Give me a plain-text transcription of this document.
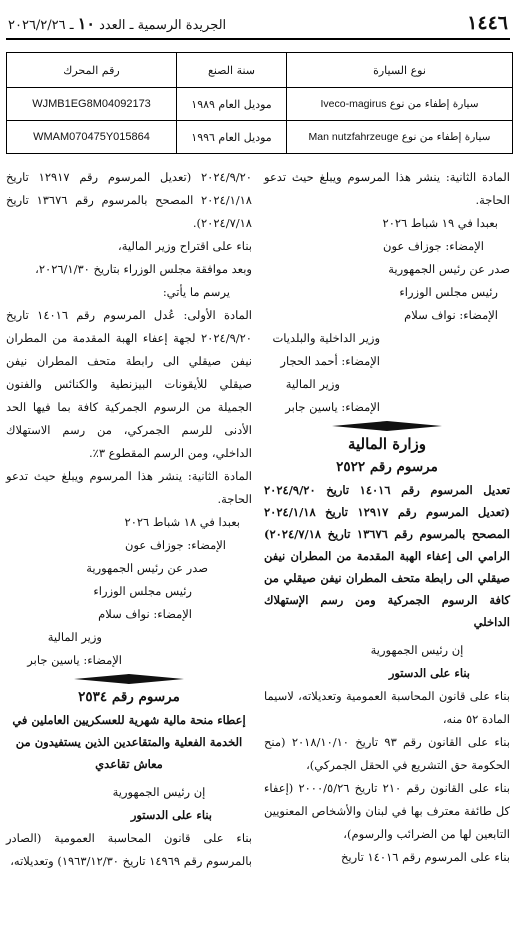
١٤٤٦
الجريدة الرسمية ـ العدد ١٠ ـ ٢٠٢٦/٢/٢٦
نوع السيارة	سنة الصنع	رقم المحرك
سيارة إطفاء من نوع Iveco-magirus	موديل العام ١٩٨٩	WJMB1EG8M04092173
سيارة إطفاء من نوع Man nutzfahrzeuge	موديل العام ١٩٩٦	WMAM070475Y015864

المادة الثانية: ينشر هذا المرسوم ويبلغ حيث تدعو الحاجة.

بعبدا في ١٩ شباط ٢٠٢٦

الإمضاء: جوزاف عون

صدر عن رئيس الجمهورية

رئيس مجلس الوزراء

الإمضاء: نواف سلام

وزير الداخلية والبلديات

الإمضاء: أحمد الحجار

وزير المالية

الإمضاء: ياسين جابر

وزارة المالية

مرسوم رقم ٢٥٢٢

تعديل المرسوم رقم ١٤٠١٦ تاريخ ٢٠٢٤/٩/٢٠ (تعديل المرسوم رقم ١٢٩١٧ تاريخ ٢٠٢٤/١/١٨ المصحح بالمرسوم رقم ١٣٦٧٦ تاريخ ٢٠٢٤/٧/١٨) الرامي الى إعفاء الهبة المقدمة من المطران نيفن صيقلي الى رابطة متحف المطران نيفن صيقلي من كافة الرسوم الجمركية ومن رسم الإستهلاك الداخلي

إن رئيس الجمهورية

بناء على الدستور

بناء على قانون المحاسبة العمومية وتعديلاته، لاسيما المادة ٥٢ منه،

بناء على القانون رقم ٩٣ تاريخ ٢٠١٨/١٠/١٠ (منح الحكومة حق التشريع في الحقل الجمركي)،

بناء على القانون رقم ٢١٠ تاريخ ٢٠٠٠/٥/٢٦ (إعفاء كل طائفة معترف بها في لبنان والأشخاص المعنويين التابعين لها من الضرائب والرسوم)،

بناء على المرسوم رقم ١٤٠١٦ تاريخ

٢٠٢٤/٩/٢٠ (تعديل المرسوم رقم ١٢٩١٧ تاريخ ٢٠٢٤/١/١٨ المصحح بالمرسوم رقم ١٣٦٧٦ تاريخ ٢٠٢٤/٧/١٨).

بناء على اقتراح وزير المالية،

وبعد موافقة مجلس الوزراء بتاريخ ٢٠٢٦/١/٣٠،

يرسم ما يأتي:

المادة الأولى: عُدل المرسوم رقم ١٤٠١٦ تاريخ ٢٠٢٤/٩/٢٠ لجهة إعفاء الهبة المقدمة من المطران نيفن صيقلي الى رابطة متحف المطران نيفن صيقلي للأيقونات البيزنطية والكنائس والفنون الجميلة من الرسوم الجمركية كافة بما فيها الحد الأدنى للرسم الجمركي، من رسم الاستهلاك الداخلي، ومن الرسم المقطوع ٣٪.

المادة الثانية: ينشر هذا المرسوم ويبلغ حيث تدعو الحاجة.

بعبدا في ١٨ شباط ٢٠٢٦

الإمضاء: جوزاف عون

صدر عن رئيس الجمهورية

رئيس مجلس الوزراء

الإمضاء: نواف سلام

وزير المالية

الإمضاء: ياسين جابر

مرسوم رقم ٢٥٣٤

إعطاء منحة مالية شهرية للعسكريين العاملين في الخدمة الفعلية والمتقاعدين الذين يستفيدون من معاش تقاعدي

إن رئيس الجمهورية

بناء على الدستور

بناء على قانون المحاسبة العمومية (الصادر بالمرسوم رقم ١٤٩٦٩ تاريخ ١٩٦٣/١٢/٣٠) وتعديلاته،
